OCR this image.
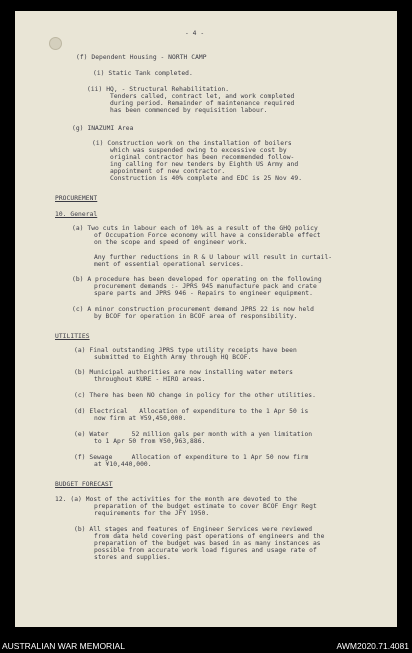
- 4 -
(f) Dependent Housing - NORTH CAMP
(i) Static Tank completed.
(ii) HQ, - Structural Rehabilitation.
Tenders called, contract let, and work completed
during period. Remainder of maintenance required
has been commenced by requisition labour.
(g) INAZUMI Area
(i) Construction work on the installation of boilers
which was suspended owing to excessive cost by
original contractor has been recommended follow-
ing calling for new tenders by Eighth US Army and
appointment of new contractor.
Construction is 40% complete and EDC is 25 Nov 49.
PROCUREMENT
10. General
(a) Two cuts in labour each of 10% as a result of the GHQ policy
of Occupation Force economy will have a considerable effect
on the scope and speed of engineer work.
Any further reductions in R & U labour will result in curtail-
ment of essential operational services.
(b) A procedure has been developed for operating on the following
procurement demands :- JPRS 945 manufacture pack and crate
spare parts and JPRS 946 - Repairs to engineer equipment.
(c) A minor construction procurement demand JPRS 22 is now held
by BCOF for operation in BCOF area of responsibility.
UTILITIES
(a) Final outstanding JPRS type utility receipts have been
submitted to Eighth Army through HQ BCOF.
(b) Municipal authorities are now installing water meters
throughout KURE - HIRO areas.
(c) There has been NO change in policy for the other utilities.
(d) Electrical   Allocation of expenditure to the 1 Apr 50 is
now firm at ¥59,450,000.
(e) Water      52 million gals per month with a yen limitation
to 1 Apr 50 from ¥50,963,886.
(f) Sewage     Allocation of expenditure to 1 Apr 50 now firm
at ¥10,440,000.
BUDGET FORECAST
12. (a) Most of the activities for the month are devoted to the
preparation of the budget estimate to cover BCOF Engr Regt
requirements for the JFY 1950.
(b) All stages and features of Engineer Services were reviewed
from data held covering past operations of engineers and the
preparation of the budget was based in as many instances as
possible from accurate work load figures and usage rate of
stores and supplies.
AUSTRALIAN WAR MEMORIAL	AWM2020.71.4081
